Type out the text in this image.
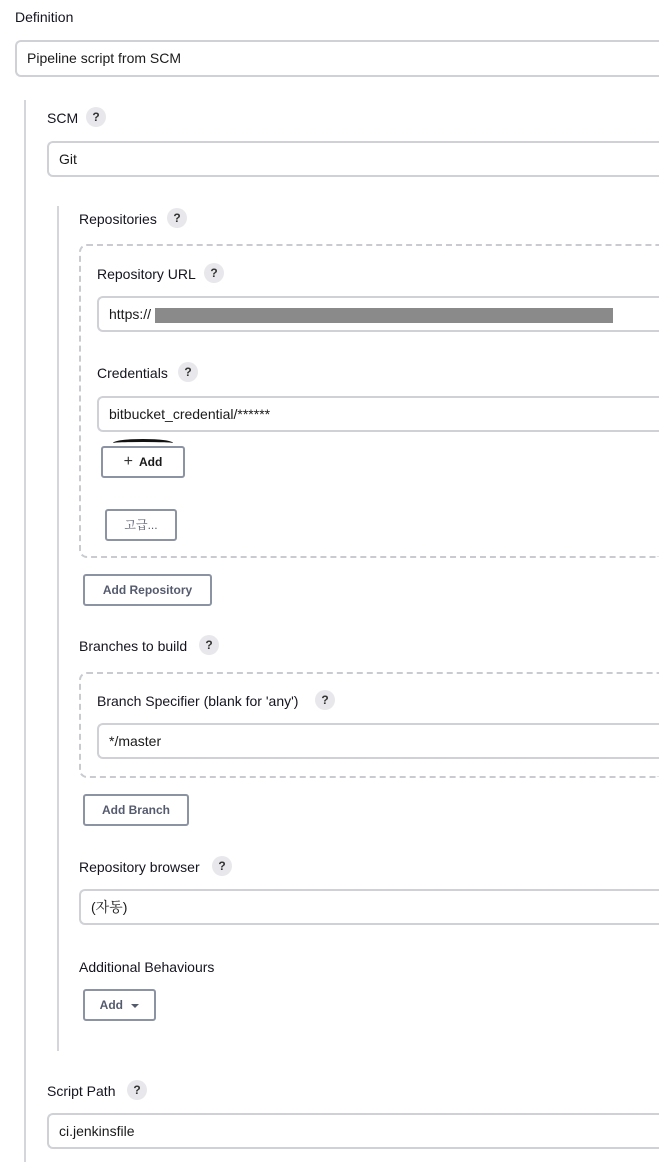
Definition
Pipeline script from SCM
SCM	?
Git
Repositories	?
Repository URL	?
https://
Credentials	?
bitbucket_credential/******
+ Add
고급...
Add Repository
Branches to build	?
Branch Specifier (blank for 'any')	?
*/master
Add Branch
Repository browser	?
(자동)
Additional Behaviours
Add
Script Path	?
ci.jenkinsfile
